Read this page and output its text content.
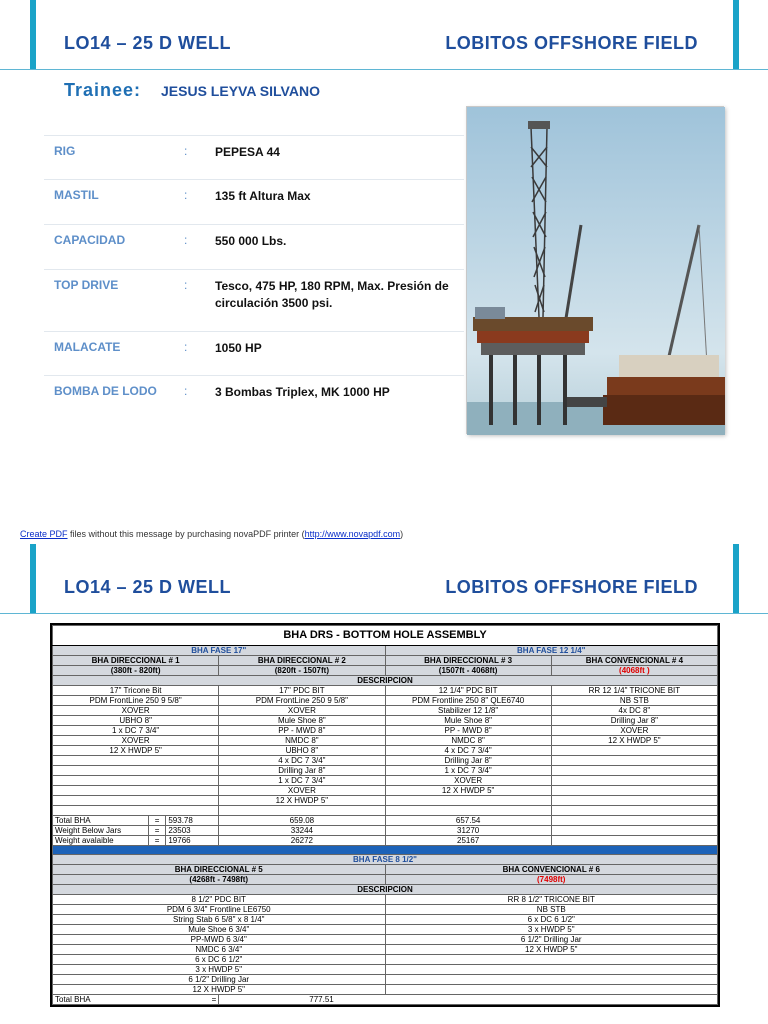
LO14 – 25 D WELL	LOBITOS OFFSHORE FIELD
Trainee: JESUS LEYVA SILVANO
RIG	: PEPESA 44
MASTIL	: 135 ft Altura Max
CAPACIDAD	: 550 000 Lbs.
TOP DRIVE	: Tesco, 475 HP, 180 RPM, Max. Presión de circulación 3500 psi.
MALACATE	: 1050 HP
BOMBA DE LODO : 3 Bombas Triplex, MK 1000 HP
Create PDF files without this message by purchasing novaPDF printer (http://www.novapdf.com)
LO14 – 25 D WELL	LOBITOS OFFSHORE FIELD
BHA DRS - BOTTOM HOLE ASSEMBLY			
BHA FASE 17"		BHA FASE 12 1/4"	
BHA DIRECCIONAL # 1	BHA DIRECCIONAL # 2	BHA DIRECCIONAL # 3	BHA CONVENCIONAL # 4
(380ft - 820ft)	(820ft - 1507ft)	(1507ft - 4068ft)	(4068ft )
DESCRIPCION			
17" Tricone Bit	17" PDC BIT	12 1/4" PDC BIT	RR 12 1/4" TRICONE BIT
PDM FrontLine 250 9 5/8"	PDM FrontLine 250 9 5/8"	PDM Frontline 250 8" QLE6740	NB STB
XOVER	XOVER	Stabilizer 12 1/8"	4x DC 8"
UBHO 8"	Mule Shoe 8"	Mule Shoe 8"	Drilling Jar 8"
1 x DC 7 3/4"	PP - MWD 8"	PP - MWD 8"	XOVER
XOVER	NMDC 8"	NMDC 8"	12 X HWDP 5"
12 X HWDP 5"	UBHO 8"	4 x DC 7 3/4"	
	4 x DC 7 3/4"	Drilling Jar 8"	
	Drilling Jar 8"	1 x DC 7 3/4"	
	1 x DC 7 3/4"	XOVER	
	XOVER	12 X HWDP 5"	
	12 X HWDP 5"		

Total BHA = 593.78	659.08	657.54	
Weight Below Jars = 23503	33244	31270	
Weight avalaible = 19766	26272	25167	

BHA FASE 8 1/2"			
BHA DIRECCIONAL # 5		BHA CONVENCIONAL # 6	
(4268ft - 7498ft)		(7498ft)	
DESCRIPCION			
8 1/2" PDC BIT		RR 8 1/2" TRICONE BIT	
PDM 6 3/4" Frontline LE6750		NB STB	
String Stab 6 5/8" x 8 1/4"		6 x DC 6 1/2"	
Mule Shoe 6 3/4"		3 x HWDP 5"	
PP-MWD 6 3/4"		6 1/2" Drilling Jar	
NMDC 6 3/4"		12 X HWDP 5"	
6 x DC 6 1/2"			
3 x HWDP 5"			
6 1/2" Drilling Jar			
12 X HWDP 5"			
Total BHA =	777.51		
